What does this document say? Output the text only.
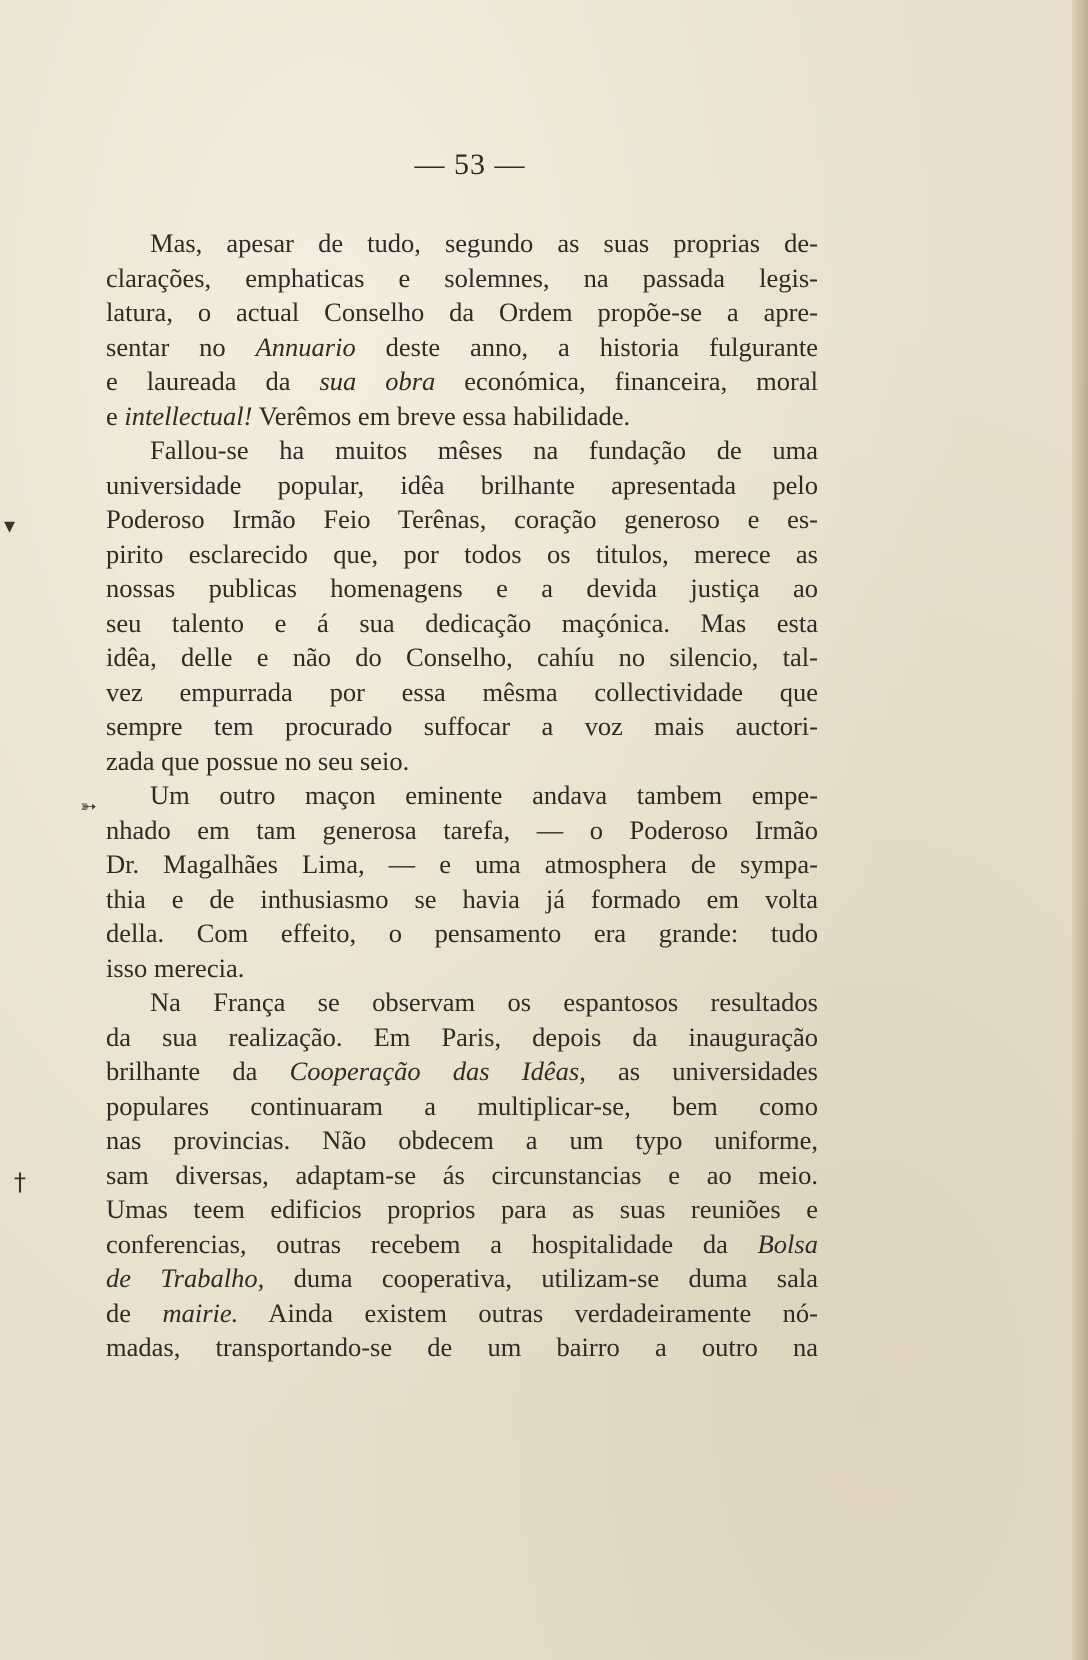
— 53 —
▾
➳
†
Mas, apesar de tudo, segundo as suas proprias de-
clarações, emphaticas e solemnes, na passada legis-
latura, o actual Conselho da Ordem propõe-se a apre-
sentar no Annuario deste anno, a historia fulgurante
e laureada da sua obra económica, financeira, moral
e intellectual! Verêmos em breve essa habilidade.
Fallou-se ha muitos mêses na fundação de uma
universidade popular, idêa brilhante apresentada pelo
Poderoso Irmão Feio Terênas, coração generoso e es-
pirito esclarecido que, por todos os titulos, merece as
nossas publicas homenagens e a devida justiça ao
seu talento e á sua dedicação maçónica. Mas esta
idêa, delle e não do Conselho, cahíu no silencio, tal-
vez empurrada por essa mêsma collectividade que
sempre tem procurado suffocar a voz mais auctori-
zada que possue no seu seio.
Um outro maçon eminente andava tambem empe-
nhado em tam generosa tarefa, — o Poderoso Irmão
Dr. Magalhães Lima, — e uma atmosphera de sympa-
thia e de inthusiasmo se havia já formado em volta
della. Com effeito, o pensamento era grande: tudo
isso merecia.
Na França se observam os espantosos resultados
da sua realização. Em Paris, depois da inauguração
brilhante da Cooperação das Idêas, as universidades
populares continuaram a multiplicar-se, bem como
nas provincias. Não obdecem a um typo uniforme,
sam diversas, adaptam-se ás circunstancias e ao meio.
Umas teem edificios proprios para as suas reuniões e
conferencias, outras recebem a hospitalidade da Bolsa
de Trabalho, duma cooperativa, utilizam-se duma sala
de mairie. Ainda existem outras verdadeiramente nó-
madas, transportando-se de um bairro a outro na
